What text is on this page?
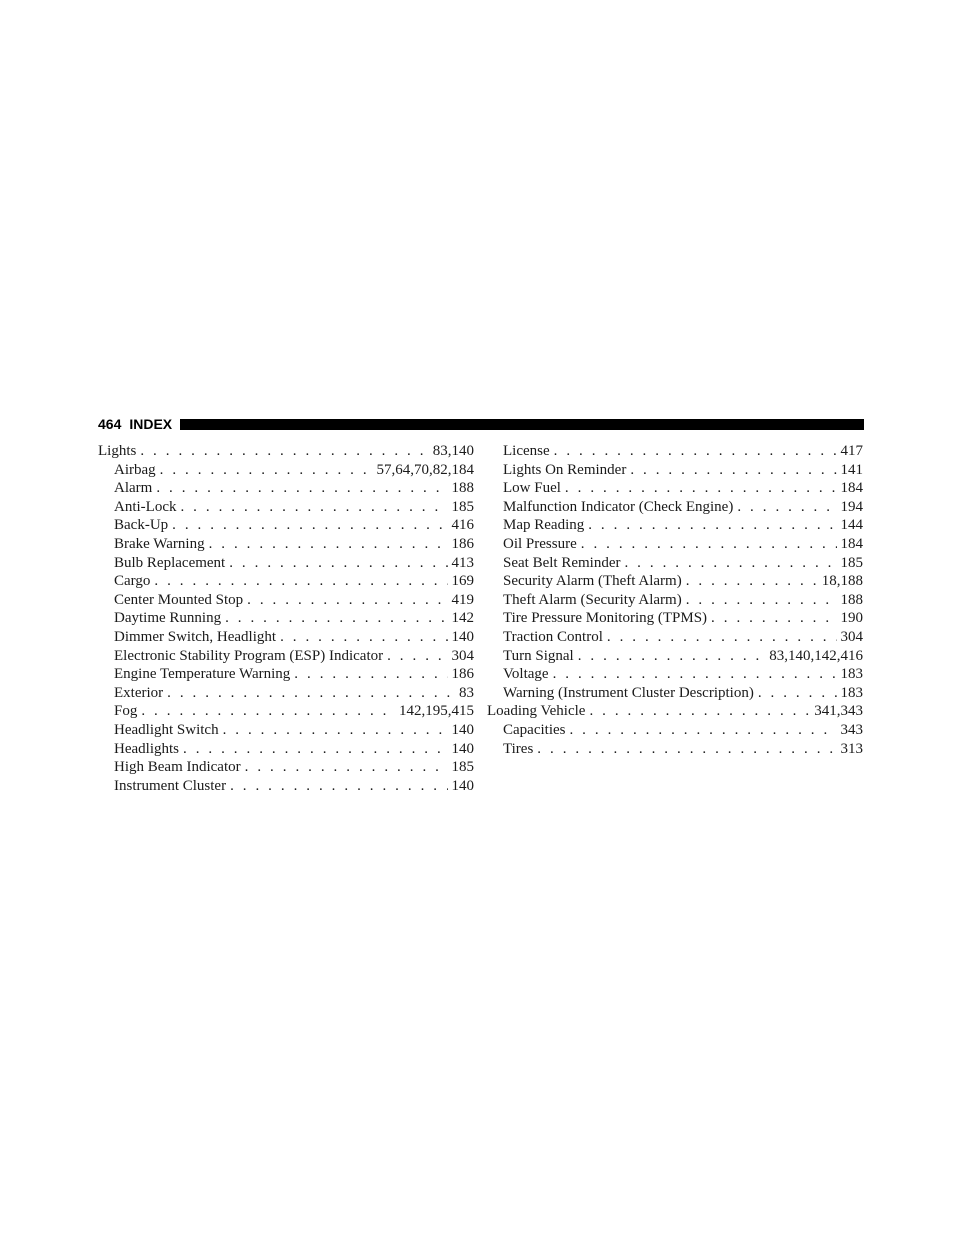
464 INDEX
Lights . . .	83,140
Airbag . . .	57,64,70,82,184
Alarm . . .	188
Anti-Lock . . .	185
Back-Up . . .	416
Brake Warning . . .	186
Bulb Replacement . . .	413
Cargo . . .	169
Center Mounted Stop . . .	419
Daytime Running . . .	142
Dimmer Switch, Headlight . . .	140
Electronic Stability Program (ESP) Indicator . . .	304
Engine Temperature Warning . . .	186
Exterior . . .	83
Fog . . .	142,195,415
Headlight Switch . . .	140
Headlights . . .	140
High Beam Indicator . . .	185
Instrument Cluster . . .	140
License . . .	417
Lights On Reminder . . .	141
Low Fuel . . .	184
Malfunction Indicator (Check Engine) . . .	194
Map Reading . . .	144
Oil Pressure . . .	184
Seat Belt Reminder . . .	185
Security Alarm (Theft Alarm) . . .	18,188
Theft Alarm (Security Alarm) . . .	188
Tire Pressure Monitoring (TPMS) . . .	190
Traction Control . . .	304
Turn Signal . . .	83,140,142,416
Voltage . . .	183
Warning (Instrument Cluster Description) . . .	183
Loading Vehicle . . .	341,343
Capacities . . .	343
Tires . . .	313
